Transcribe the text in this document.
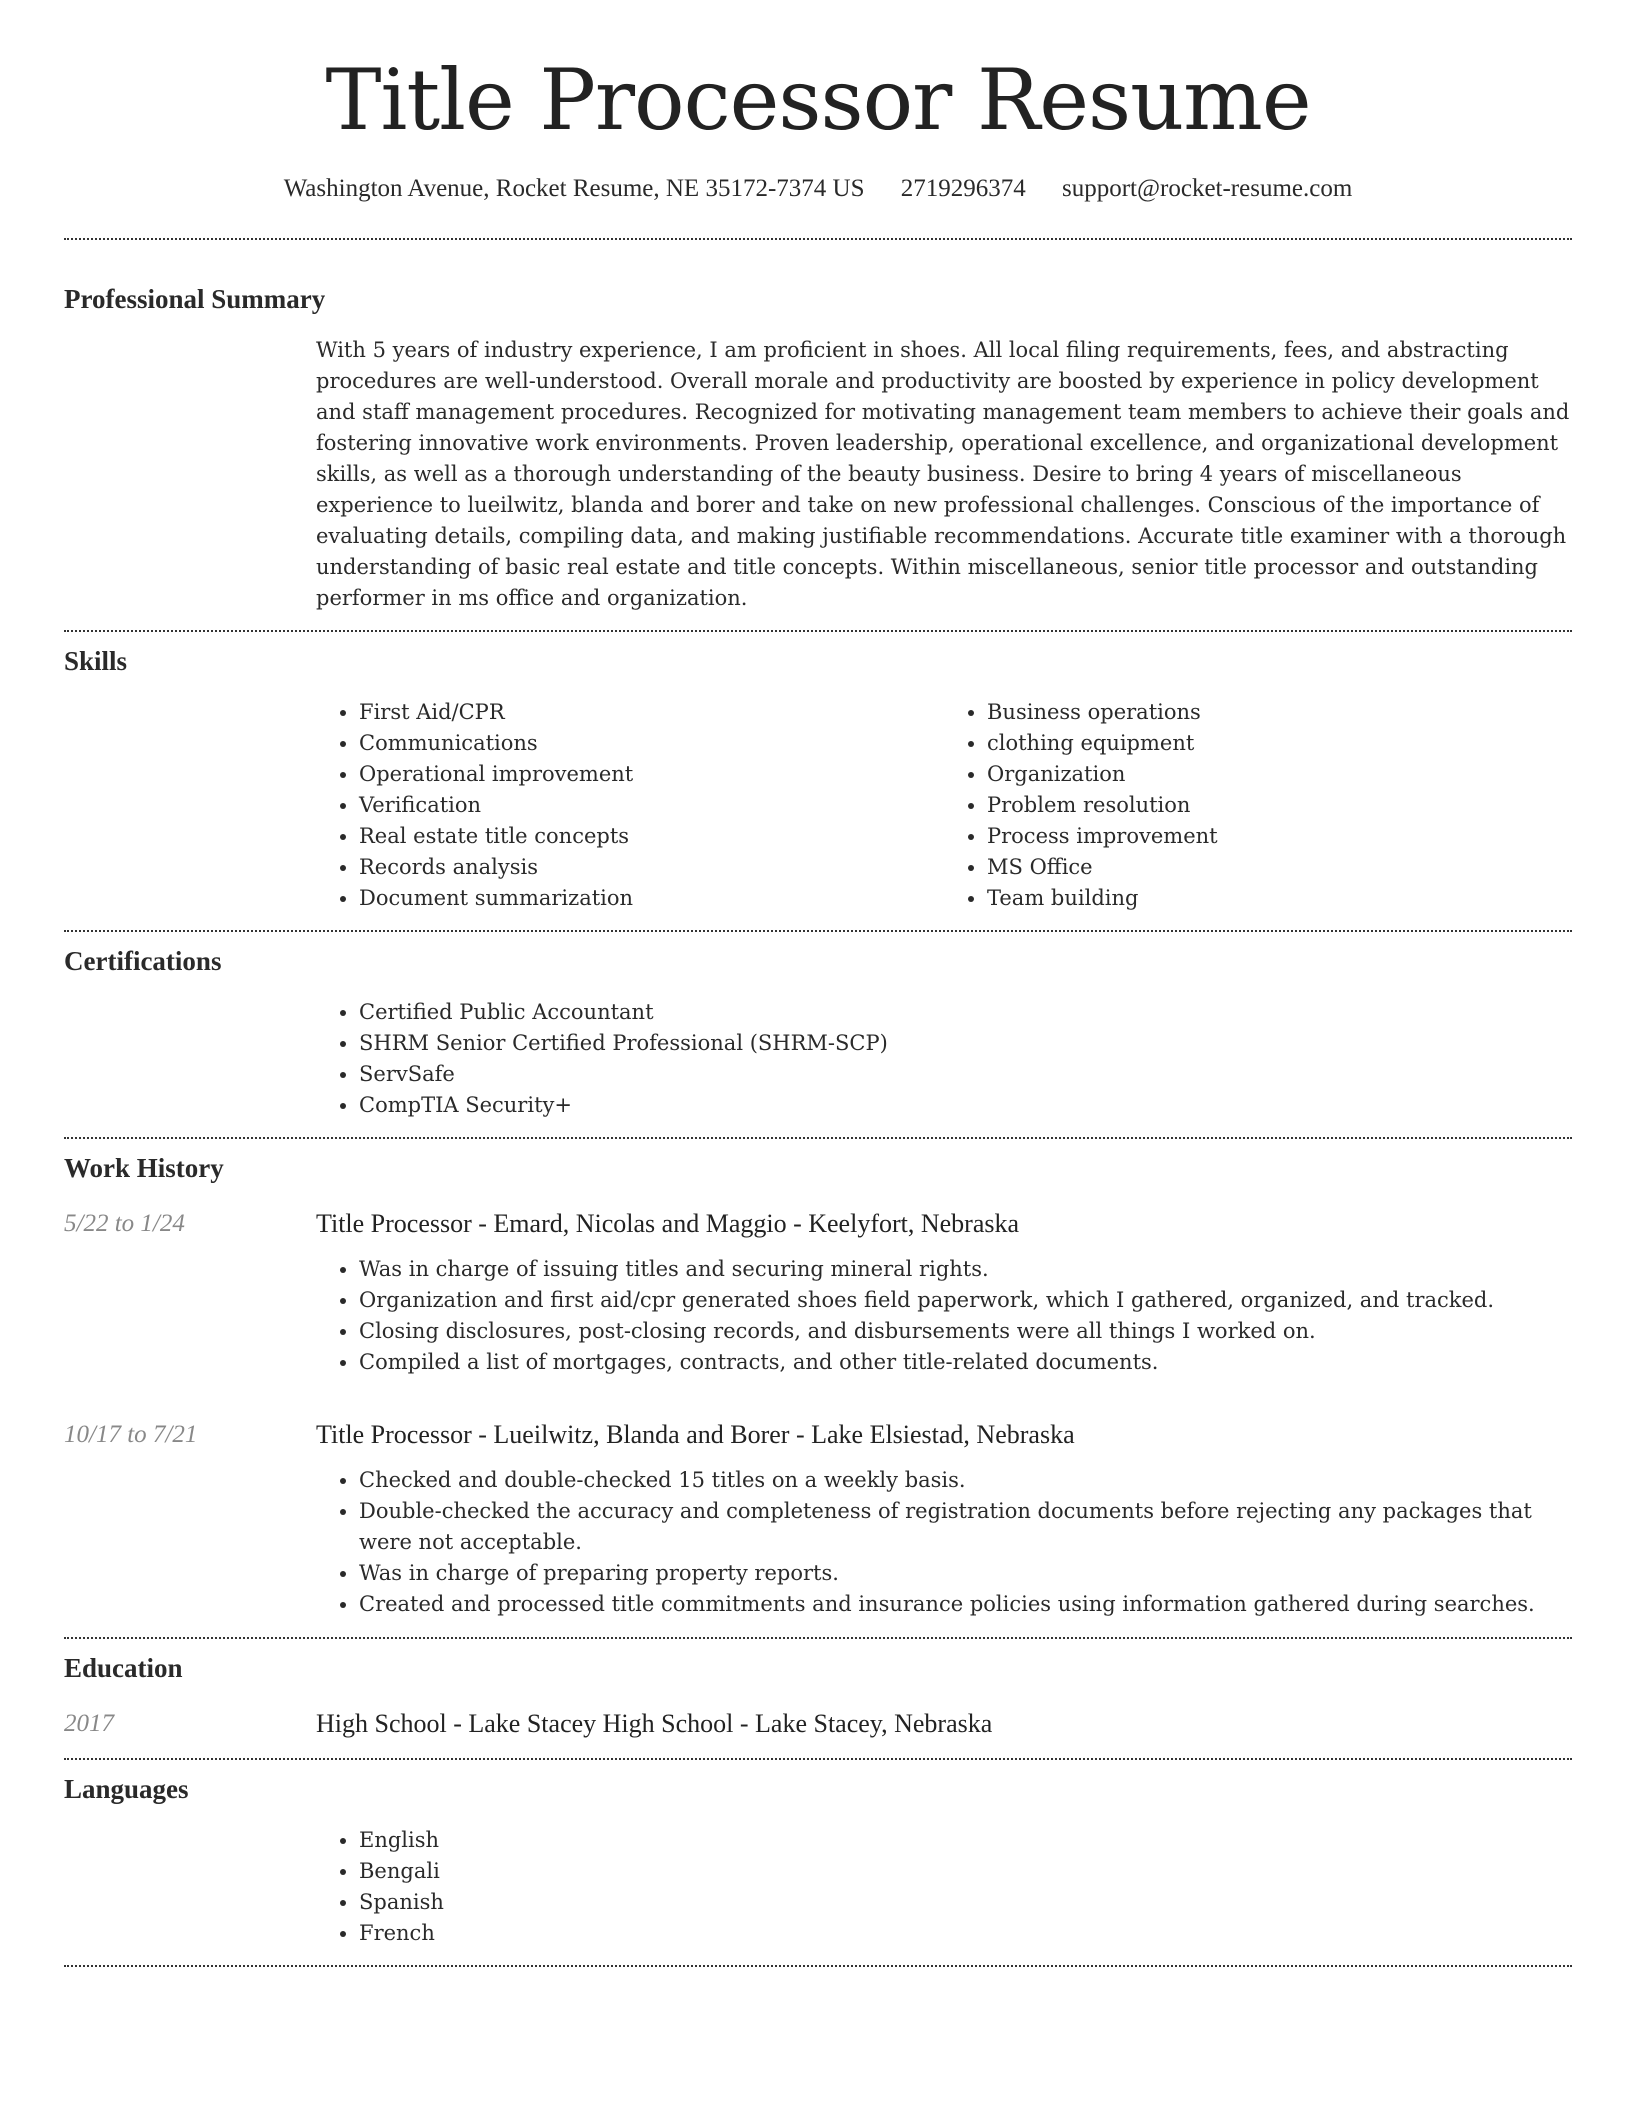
Title Processor Resume
Washington Avenue, Rocket Resume, NE 35172-7374 US 2719296374 support@rocket-resume.com
Professional Summary

With 5 years of industry experience, I am proficient in shoes. All local filing requirements, fees, and abstracting procedures are well-understood. Overall morale and productivity are boosted by experience in policy development and staff management procedures. Recognized for motivating management team members to achieve their goals and fostering innovative work environments. Proven leadership, operational excellence, and organizational development skills, as well as a thorough understanding of the beauty business. Desire to bring 4 years of miscellaneous experience to lueilwitz, blanda and borer and take on new professional challenges. Conscious of the importance of evaluating details, compiling data, and making justifiable recommendations. Accurate title examiner with a thorough understanding of basic real estate and title concepts. Within miscellaneous, senior title processor and outstanding performer in ms office and organization.

Skills
• First Aid/CPR
• Communications
• Operational improvement
• Verification
• Real estate title concepts
• Records analysis
• Document summarization
• Business operations
• clothing equipment
• Organization
• Problem resolution
• Process improvement
• MS Office
• Team building
Certifications
• Certified Public Accountant
• SHRM Senior Certified Professional (SHRM-SCP)
• ServSafe
• CompTIA Security+
Work History
5/22 to 1/24	Title Processor - Emard, Nicolas and Maggio - Keelyfort, Nebraska
• Was in charge of issuing titles and securing mineral rights.
• Organization and first aid/cpr generated shoes field paperwork, which I gathered, organized, and tracked.
• Closing disclosures, post-closing records, and disbursements were all things I worked on.
• Compiled a list of mortgages, contracts, and other title-related documents.
10/17 to 7/21	Title Processor - Lueilwitz, Blanda and Borer - Lake Elsiestad, Nebraska
• Checked and double-checked 15 titles on a weekly basis.
• Double-checked the accuracy and completeness of registration documents before rejecting any packages that were not acceptable.
• Was in charge of preparing property reports.
• Created and processed title commitments and insurance policies using information gathered during searches.
Education
2017	High School - Lake Stacey High School - Lake Stacey, Nebraska
Languages
• English
• Bengali
• Spanish
• French
